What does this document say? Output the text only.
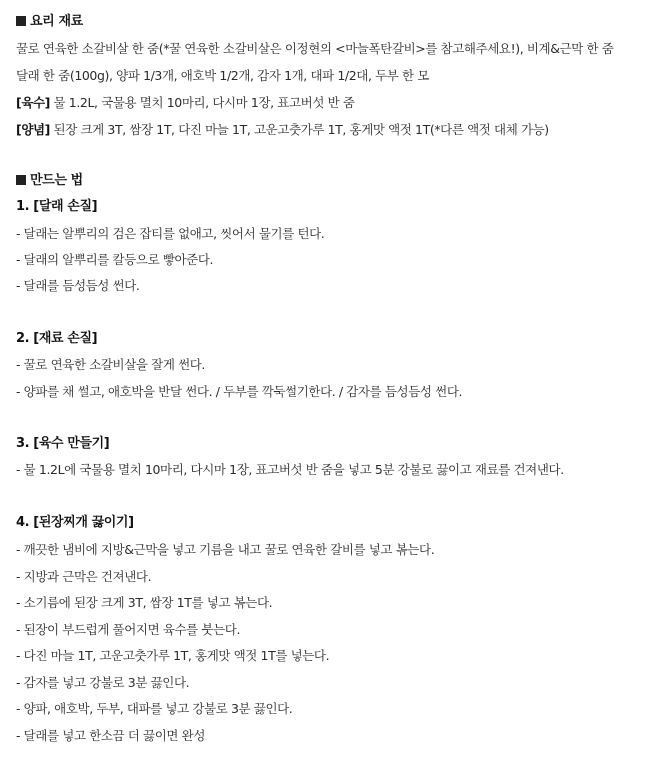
요리 재료
꿀로 연육한 소갈비살 한 줌(*꿀 연육한 소갈비살은 이정현의 <마늘폭탄갈비>를 참고해주세요!), 비계&근막 한 줌
달래 한 줌(100g), 양파 1/3개, 애호박 1/2개, 감자 1개, 대파 1/2대, 두부 한 모
[육수] 물 1.2L, 국물용 멸치 10마리, 다시마 1장, 표고버섯 반 줌
[양념] 된장 크게 3T, 쌈장 1T, 다진 마늘 1T, 고운고춧가루 1T, 홍게맛 액젓 1T(*다른 액젓 대체 가능)
만드는 법
1. [달래 손질]
- 달래는 알뿌리의 검은 잡티를 없애고, 씻어서 물기를 턴다.
- 달래의 알뿌리를 칼등으로 빻아준다.
- 달래를 듬성듬성 썬다.
2. [재료 손질]
- 꿀로 연육한 소갈비살을 잘게 썬다.
- 양파를 채 썰고, 애호박을 반달 썬다. / 두부를 깍둑썰기한다. / 감자를 듬성듬성 썬다.
3. [육수 만들기]
- 물 1.2L에 국물용 멸치 10마리, 다시마 1장, 표고버섯 반 줌을 넣고 5분 강불로 끓이고 재료를 건져낸다.
4. [된장찌개 끓이기]
- 깨끗한 냄비에 지방&근막을 넣고 기름을 내고 꿀로 연육한 갈비를 넣고 볶는다.
- 지방과 근막은 건져낸다.
- 소기름에 된장 크게 3T, 쌈장 1T를 넣고 볶는다.
- 된장이 부드럽게 풀어지면 육수를 붓는다.
- 다진 마늘 1T, 고운고춧가루 1T, 홍게맛 액젓 1T를 넣는다.
- 감자를 넣고 강불로 3분 끓인다.
- 양파, 애호박, 두부, 대파를 넣고 강불로 3분 끓인다.
- 달래를 넣고 한소끔 더 끓이면 완성
